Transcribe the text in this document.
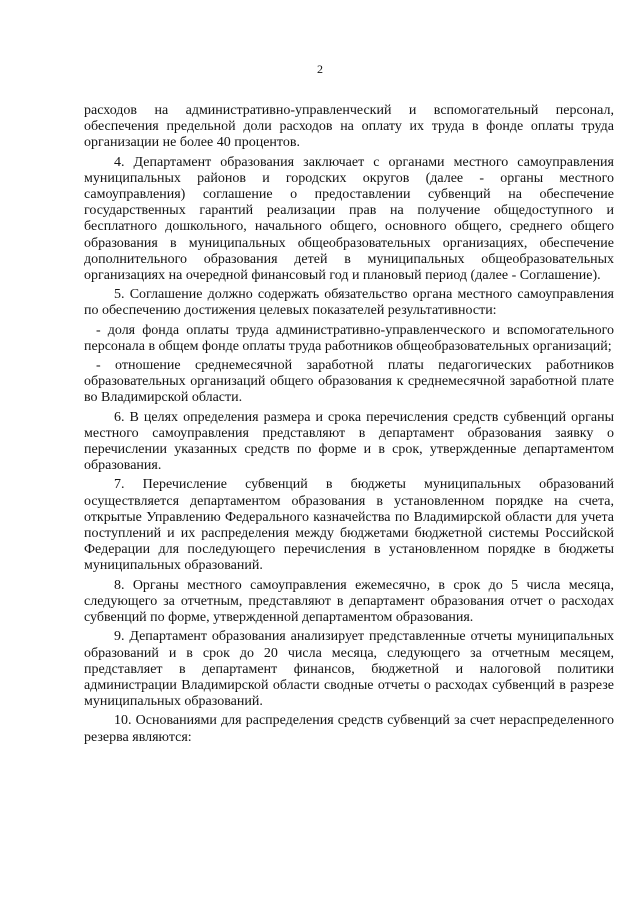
2

расходов на административно-управленческий и вспомогательный персонал, обеспечения предельной доли расходов на оплату их труда в фонде оплаты труда организации не более 40 процентов.

4. Департамент образования заключает с органами местного самоуправления муниципальных районов и городских округов (далее - органы местного самоуправления) соглашение о предоставлении субвенций на обеспечение государственных гарантий реализации прав на получение общедоступного и бесплатного дошкольного, начального общего, основного общего, среднего общего образования в муниципальных общеобразовательных организациях, обеспечение дополнительного образования детей в муниципальных общеобразовательных организациях на очередной финансовый год и плановый период (далее - Соглашение).

5. Соглашение должно содержать обязательство органа местного самоуправления по обеспечению достижения целевых показателей результативности:

- доля фонда оплаты труда административно-управленческого и вспомогательного персонала в общем фонде оплаты труда работников общеобразовательных организаций;

- отношение среднемесячной заработной платы педагогических работников образовательных организаций общего образования к среднемесячной заработной плате во Владимирской области.

6. В целях определения размера и срока перечисления средств субвенций органы местного самоуправления представляют в департамент образования заявку о перечислении указанных средств по форме и в срок, утвержденные департаментом образования.

7. Перечисление субвенций в бюджеты муниципальных образований осуществляется департаментом образования в установленном порядке на счета, открытые Управлению Федерального казначейства по Владимирской области для учета поступлений и их распределения между бюджетами бюджетной системы Российской Федерации для последующего перечисления в установленном порядке в бюджеты муниципальных образований.

8. Органы местного самоуправления ежемесячно, в срок до 5 числа месяца, следующего за отчетным, представляют в департамент образования отчет о расходах субвенций по форме, утвержденной департаментом образования.

9. Департамент образования анализирует представленные отчеты муниципальных образований и в срок до 20 числа месяца, следующего за отчетным месяцем, представляет в департамент финансов, бюджетной и налоговой политики администрации Владимирской области сводные отчеты о расходах субвенций в разрезе муниципальных образований.

10. Основаниями для распределения средств субвенций за счет нераспределенного резерва являются:
